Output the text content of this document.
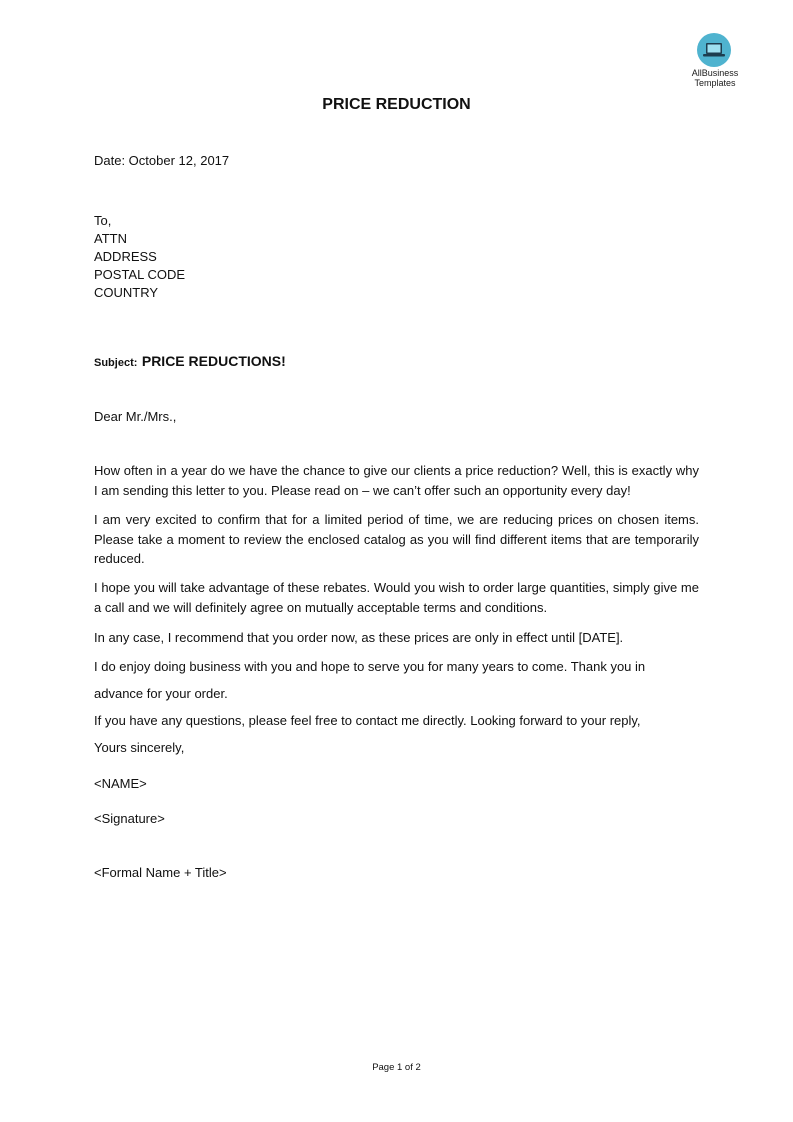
AllBusiness
Templates
PRICE REDUCTION
Date: October 12, 2017
To,
ATTN
ADDRESS
POSTAL CODE
COUNTRY
Subject: PRICE REDUCTIONS!
Dear Mr./Mrs.,
How often in a year do we have the chance to give our clients a price reduction? Well, this is exactly why I am sending this letter to you. Please read on – we can’t offer such an opportunity every day!
I am very excited to confirm that for a limited period of time, we are reducing prices on chosen items. Please take a moment to review the enclosed catalog as you will find different items that are temporarily reduced.
I hope you will take advantage of these rebates. Would you wish to order large quantities, simply give me a call and we will definitely agree on mutually acceptable terms and conditions.
In any case, I recommend that you order now, as these prices are only in effect until [DATE].
I do enjoy doing business with you and hope to serve you for many years to come. Thank you in
advance for your order.
If you have any questions, please feel free to contact me directly. Looking forward to your reply,
Yours sincerely,
<NAME>
<Signature>
<Formal Name + Title>
Page 1 of 2
